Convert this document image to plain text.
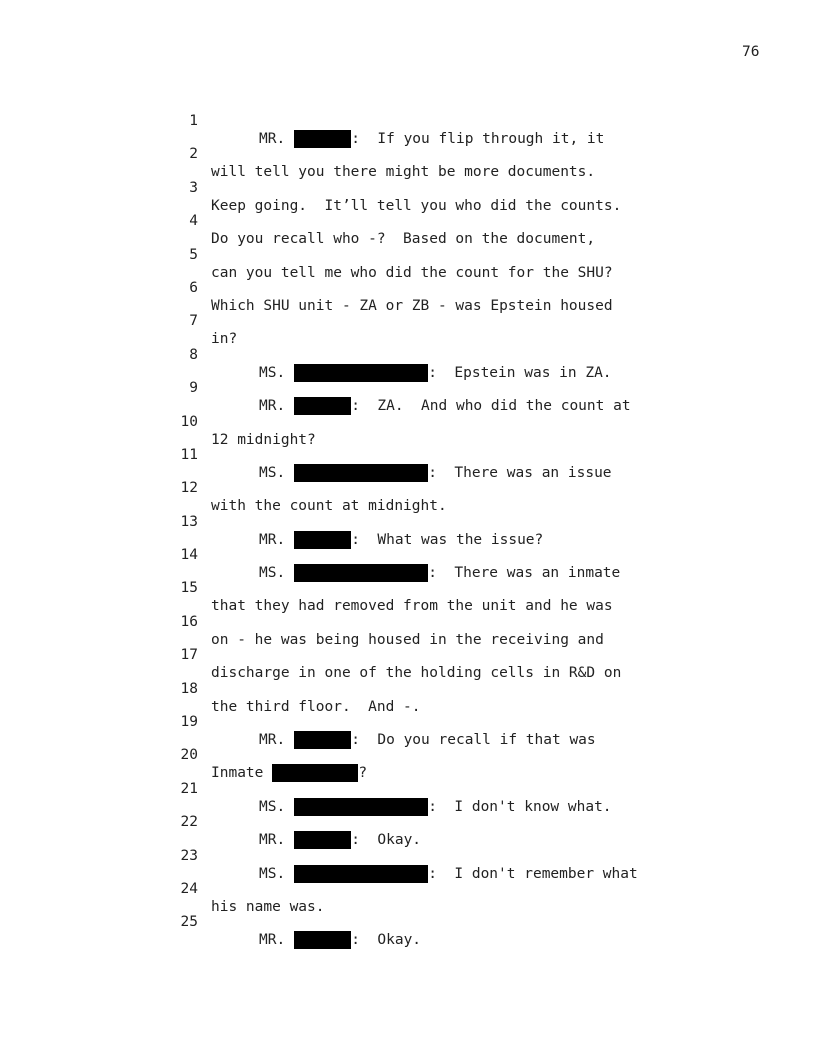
76

1

MR.	:  If you flip through it, it

2

will tell you there might be more documents.

3

Keep going.  It’ll tell you who did the counts.

4

Do you recall who -?  Based on the document,

5

can you tell me who did the count for the SHU?

6

Which SHU unit - ZA or ZB - was Epstein housed

7

in?

8

MS.	:  Epstein was in ZA.

9

MR.	:  ZA.  And who did the count at

10

12 midnight?

11

MS.	:  There was an issue

12

with the count at midnight.

13

MR.	:  What was the issue?

14

MS.	:  There was an inmate

15

that they had removed from the unit and he was

16

on - he was being housed in the receiving and

17

discharge in one of the holding cells in R&D on

18

the third floor.  And -.

19

MR.	:  Do you recall if that was

20

Inmate	?

21

MS.	:  I don't know what.

22

MR.	:  Okay.

23

MS.	:  I don't remember what

24

his name was.

25

MR.	:  Okay.
